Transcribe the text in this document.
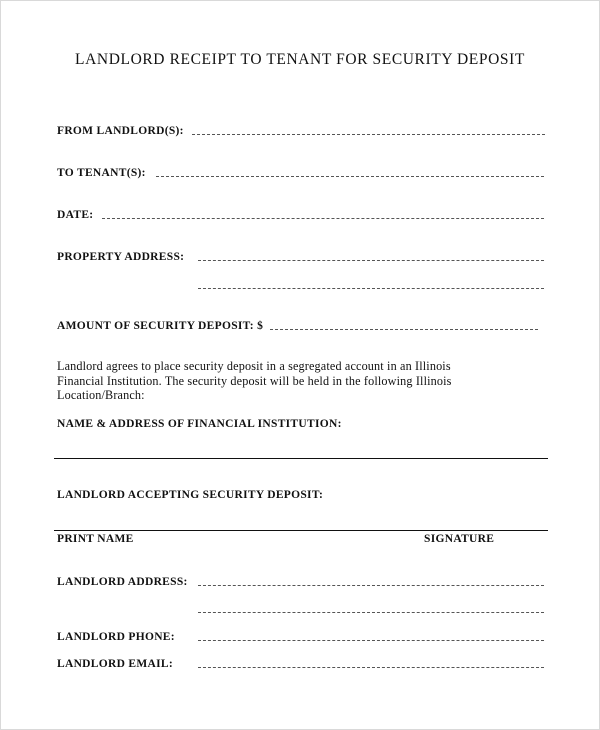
LANDLORD RECEIPT TO TENANT FOR SECURITY DEPOSIT
FROM LANDLORD(S):
TO TENANT(S):
DATE:
PROPERTY ADDRESS:
AMOUNT OF SECURITY DEPOSIT: $
Landlord agrees to place security deposit in a segregated account in an Illinois
Financial Institution. The security deposit will be held in the following Illinois
Location/Branch:
NAME & ADDRESS OF FINANCIAL INSTITUTION:
LANDLORD ACCEPTING SECURITY DEPOSIT:
PRINT NAME	SIGNATURE
LANDLORD ADDRESS:
LANDLORD PHONE:
LANDLORD EMAIL:
